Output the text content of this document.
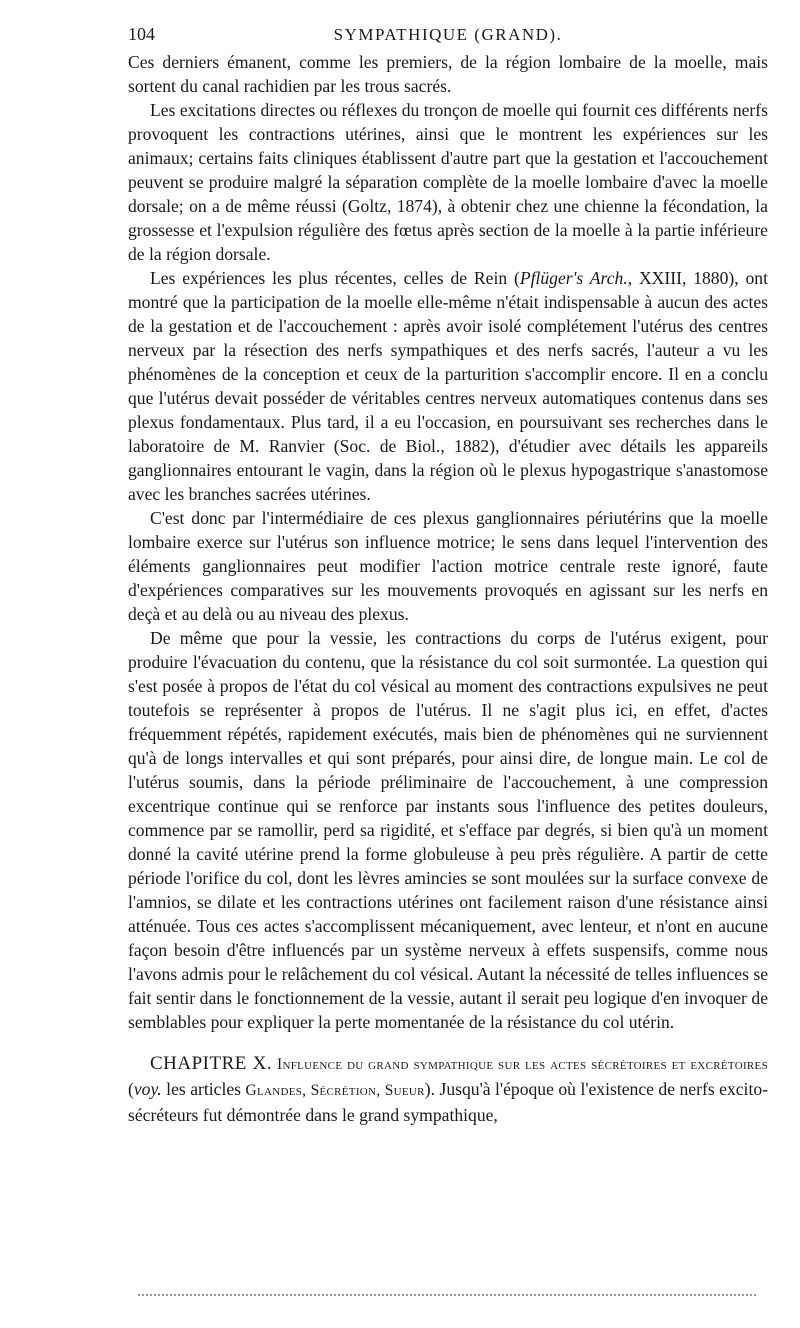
104	SYMPATHIQUE (GRAND).

Ces derniers émanent, comme les premiers, de la région lombaire de la moelle, mais sortent du canal rachidien par les trous sacrés.

Les excitations directes ou réflexes du tronçon de moelle qui fournit ces différents nerfs provoquent les contractions utérines, ainsi que le montrent les expériences sur les animaux; certains faits cliniques établissent d'autre part que la gestation et l'accouchement peuvent se produire malgré la séparation complète de la moelle lombaire d'avec la moelle dorsale; on a de même réussi (Goltz, 1874), à obtenir chez une chienne la fécondation, la grossesse et l'expulsion régulière des fœtus après section de la moelle à la partie inférieure de la région dorsale.

Les expériences les plus récentes, celles de Rein (Pflüger's Arch., XXIII, 1880), ont montré que la participation de la moelle elle-même n'était indispensable à aucun des actes de la gestation et de l'accouchement : après avoir isolé complétement l'utérus des centres nerveux par la résection des nerfs sympathiques et des nerfs sacrés, l'auteur a vu les phénomènes de la conception et ceux de la parturition s'accomplir encore. Il en a conclu que l'utérus devait posséder de véritables centres nerveux automatiques contenus dans ses plexus fondamentaux. Plus tard, il a eu l'occasion, en poursuivant ses recherches dans le laboratoire de M. Ranvier (Soc. de Biol., 1882), d'étudier avec détails les appareils ganglionnaires entourant le vagin, dans la région où le plexus hypogastrique s'anastomose avec les branches sacrées utérines.

C'est donc par l'intermédiaire de ces plexus ganglionnaires périutérins que la moelle lombaire exerce sur l'utérus son influence motrice; le sens dans lequel l'intervention des éléments ganglionnaires peut modifier l'action motrice centrale reste ignoré, faute d'expériences comparatives sur les mouvements provoqués en agissant sur les nerfs en deçà et au delà ou au niveau des plexus.

De même que pour la vessie, les contractions du corps de l'utérus exigent, pour produire l'évacuation du contenu, que la résistance du col soit surmontée. La question qui s'est posée à propos de l'état du col vésical au moment des contractions expulsives ne peut toutefois se représenter à propos de l'utérus. Il ne s'agit plus ici, en effet, d'actes fréquemment répétés, rapidement exécutés, mais bien de phénomènes qui ne surviennent qu'à de longs intervalles et qui sont préparés, pour ainsi dire, de longue main. Le col de l'utérus soumis, dans la période préliminaire de l'accouchement, à une compression excentrique continue qui se renforce par instants sous l'influence des petites douleurs, commence par se ramollir, perd sa rigidité, et s'efface par degrés, si bien qu'à un moment donné la cavité utérine prend la forme globuleuse à peu près régulière. A partir de cette période l'orifice du col, dont les lèvres amincies se sont moulées sur la surface convexe de l'amnios, se dilate et les contractions utérines ont facilement raison d'une résistance ainsi atténuée. Tous ces actes s'accomplissent mécaniquement, avec lenteur, et n'ont en aucune façon besoin d'être influencés par un système nerveux à effets suspensifs, comme nous l'avons admis pour le relâchement du col vésical. Autant la nécessité de telles influences se fait sentir dans le fonctionnement de la vessie, autant il serait peu logique d'en invoquer de semblables pour expliquer la perte momentanée de la résistance du col utérin.

CHAPITRE X. Influence du grand sympathique sur les actes sécrétoires et excrétoires (voy. les articles Glandes, Sécrétion, Sueur). Jusqu'à l'époque où l'existence de nerfs excito-sécréteurs fut démontrée dans le grand sympathique,
